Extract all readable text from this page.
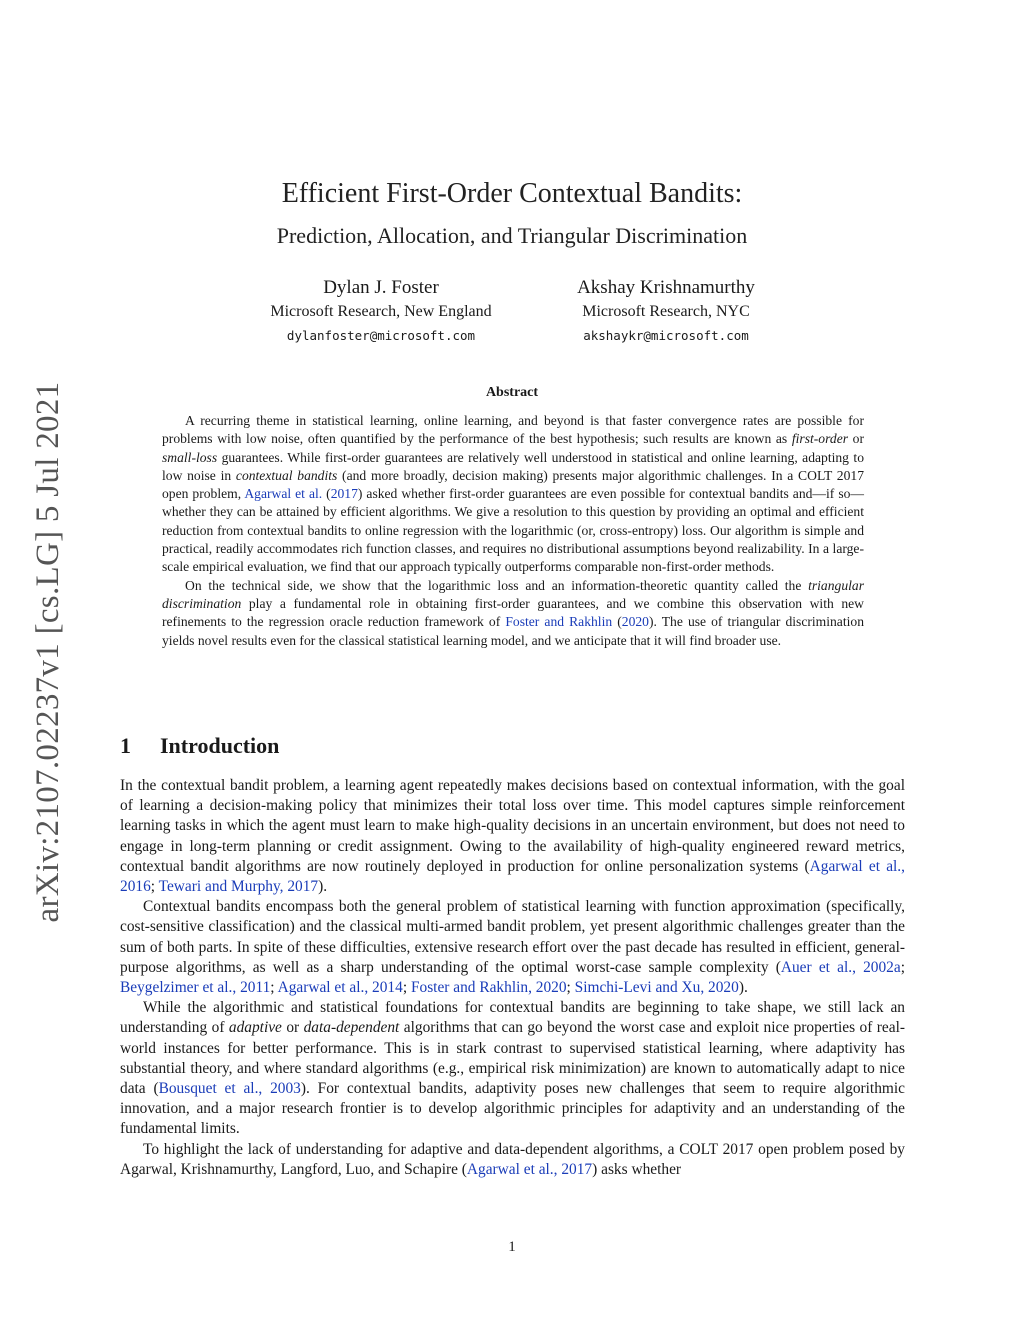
arXiv:2107.02237v1 [cs.LG] 5 Jul 2021
Efficient First-Order Contextual Bandits:
Prediction, Allocation, and Triangular Discrimination
Dylan J. Foster
Microsoft Research, New England
dylanfoster@microsoft.com
Akshay Krishnamurthy
Microsoft Research, NYC
akshaykr@microsoft.com
Abstract

A recurring theme in statistical learning, online learning, and beyond is that faster convergence rates are possible for problems with low noise, often quantified by the performance of the best hypothesis; such results are known as first-order or small-loss guarantees. While first-order guarantees are relatively well understood in statistical and online learning, adapting to low noise in contextual bandits (and more broadly, decision making) presents major algorithmic challenges. In a COLT 2017 open problem, Agarwal et al. (2017) asked whether first-order guarantees are even possible for contextual bandits and—if so—whether they can be attained by efficient algorithms. We give a resolution to this question by providing an optimal and efficient reduction from contextual bandits to online regression with the logarithmic (or, cross-entropy) loss. Our algorithm is simple and practical, readily accommodates rich function classes, and requires no distributional assumptions beyond realizability. In a large-scale empirical evaluation, we find that our approach typically outperforms comparable non-first-order methods.

On the technical side, we show that the logarithmic loss and an information-theoretic quantity called the triangular discrimination play a fundamental role in obtaining first-order guarantees, and we combine this observation with new refinements to the regression oracle reduction framework of Foster and Rakhlin (2020). The use of triangular discrimination yields novel results even for the classical statistical learning model, and we anticipate that it will find broader use.

1 Introduction

In the contextual bandit problem, a learning agent repeatedly makes decisions based on contextual information, with the goal of learning a decision-making policy that minimizes their total loss over time. This model captures simple reinforcement learning tasks in which the agent must learn to make high-quality decisions in an uncertain environment, but does not need to engage in long-term planning or credit assignment. Owing to the availability of high-quality engineered reward metrics, contextual bandit algorithms are now routinely deployed in production for online personalization systems (Agarwal et al., 2016; Tewari and Murphy, 2017).

Contextual bandits encompass both the general problem of statistical learning with function approximation (specifically, cost-sensitive classification) and the classical multi-armed bandit problem, yet present algorithmic challenges greater than the sum of both parts. In spite of these difficulties, extensive research effort over the past decade has resulted in efficient, general-purpose algorithms, as well as a sharp understanding of the optimal worst-case sample complexity (Auer et al., 2002a; Beygelzimer et al., 2011; Agarwal et al., 2014; Foster and Rakhlin, 2020; Simchi-Levi and Xu, 2020).

While the algorithmic and statistical foundations for contextual bandits are beginning to take shape, we still lack an understanding of adaptive or data-dependent algorithms that can go beyond the worst case and exploit nice properties of real-world instances for better performance. This is in stark contrast to supervised statistical learning, where adaptivity has substantial theory, and where standard algorithms (e.g., empirical risk minimization) are known to automatically adapt to nice data (Bousquet et al., 2003). For contextual bandits, adaptivity poses new challenges that seem to require algorithmic innovation, and a major research frontier is to develop algorithmic principles for adaptivity and an understanding of the fundamental limits.

To highlight the lack of understanding for adaptive and data-dependent algorithms, a COLT 2017 open problem posed by Agarwal, Krishnamurthy, Langford, Luo, and Schapire (Agarwal et al., 2017) asks whether

1
